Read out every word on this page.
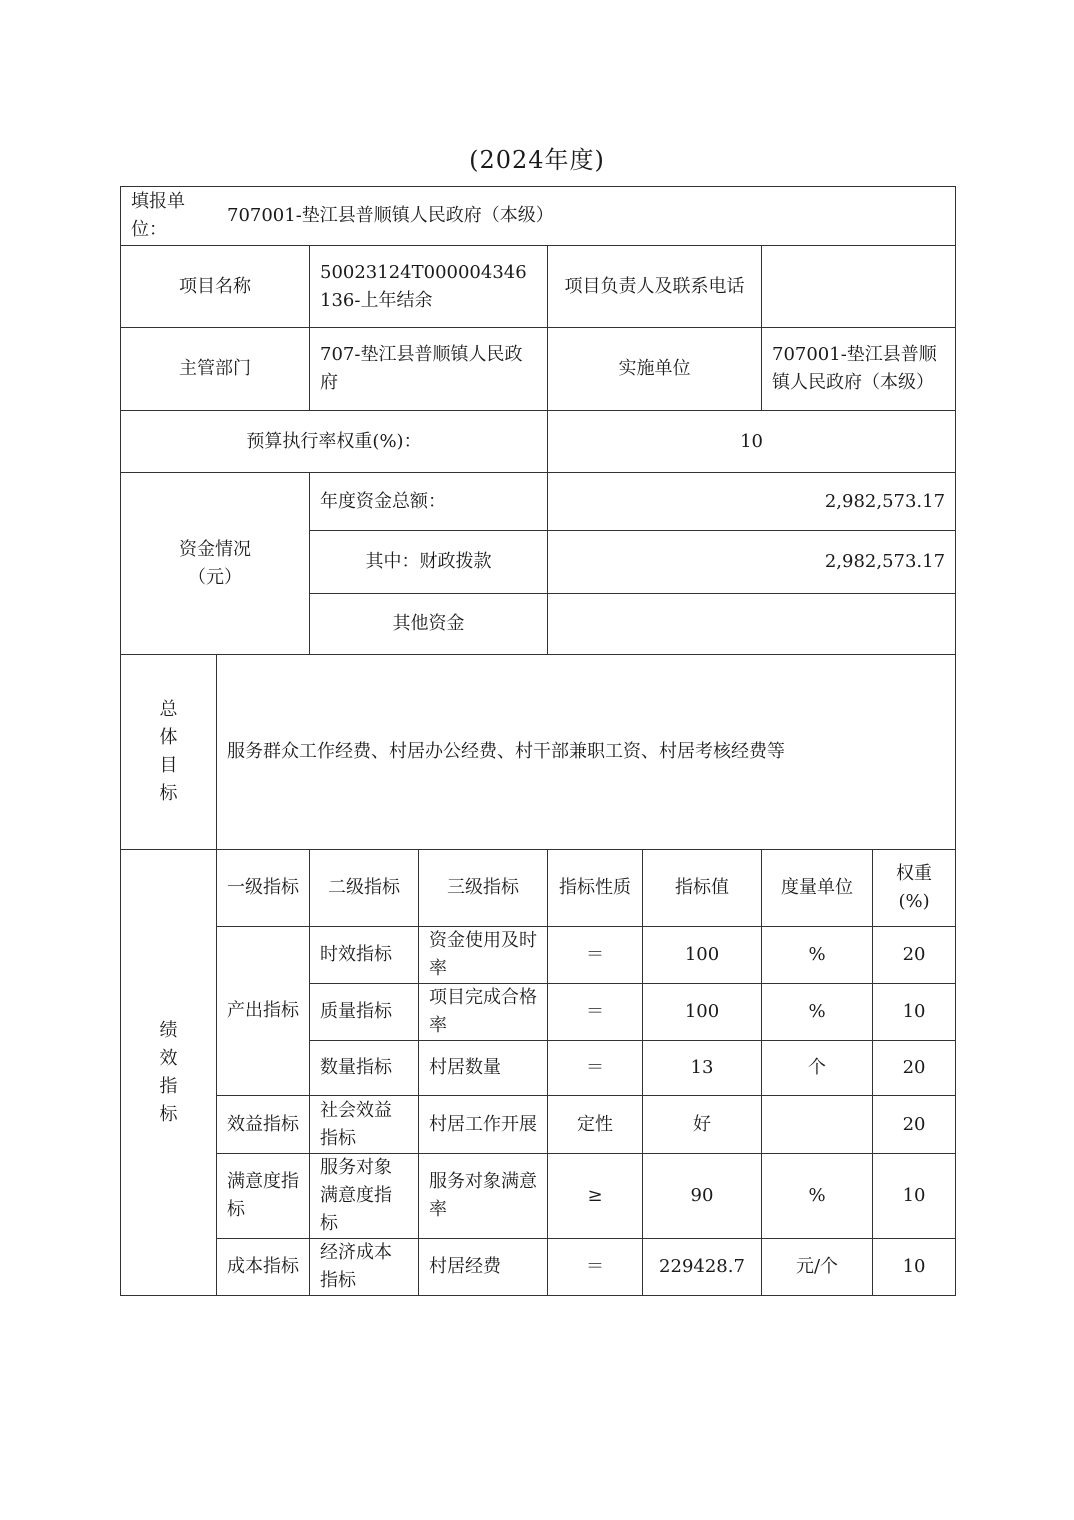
(2024年度)
填报单位：
707001-垫江县普顺镇人民政府（本级）							

项目名称		50023124T000004346136-上年结余		项目负责人及联系电话			
主管部门		707-垫江县普顺镇人民政府		实施单位		707001-垫江县普顺镇人民政府（本级）	
预算执行率权重(%)：				10			
资金情况（元）		年度资金总额：		2,982,573.17			
		其中：财政拨款		2,982,573.17			
		其他资金					
总体目标	服务群众工作经费、村居办公经费、村干部兼职工资、村居考核经费等						
绩效指标	一级指标	二级指标	三级指标	指标性质	指标值	度量单位	权重(%)
	产出指标	时效指标	资金使用及时率	＝	100	%	20
		质量指标	项目完成合格率	＝	100	%	10
		数量指标	村居数量	＝	13	个	20
	效益指标	社会效益指标	村居工作开展	定性	好		20
	满意度指标	服务对象满意度指标	服务对象满意率	≥	90	%	10
	成本指标	经济成本指标	村居经费	＝	229428.7	元/个	10
